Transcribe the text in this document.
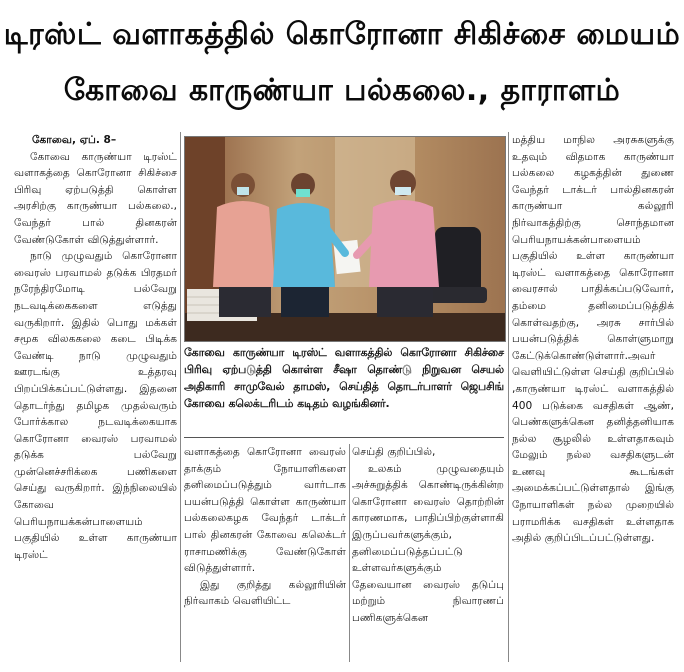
டிரஸ்ட் வளாகத்தில் கொரோனா சிகிச்சை மையம்
கோவை காருண்யா பல்கலை., தாராளம்

கோவை, ஏப். 8–

கோவை காருண்யா டிரஸ்ட் வளாகத்தை கொரோனா சிகிச்சை பிரிவு ஏற்படுத்தி கொள்ள அரசிற்கு காருண்யா பல்கலை., வேந்தர் பால் தினகரன் வேண்டுகோள் விடுத்துள்ளார்.

நாடு முழுவதும் கொரோனா வைரஸ் பரவாமல் தடுக்க பிரதமர் நரேந்திரமோடி பல்வேறு நடவடிக்கைகளை எடுத்து வருகிறார். இதில் பொது மக்கள் சமூக விலககலை கடை பிடிக்க வேண்டி நாடு முழுவதும் ஊரடங்கு உத்தரவு பிறப்பிக்கப்பட்டுள்ளது. இதனை தொடர்ந்து தமிழக முதல்வரும் போர்க்கால நடவடிக்கையாக கொரோனா வைரஸ் பரவாமல் தடுக்க பல்வேறு முன்னெச்சரிக்கை பணிகளை செய்து வருகிறார். இந்நிலையில் கோவை பெரியநாயக்கன்பாளையம் பகுதியில் உள்ள காருண்யா டிரஸ்ட்

கோவை காருண்யா டிரஸ்ட் வளாகத்தில் கொரோனா சிகிச்சை பிரிவு ஏற்படுத்தி கொள்ள சீஷா தொண்டு நிறுவன செயல் அதிகாரி சாமுவேல் தாமஸ், செய்தித் தொடர்பாளர் ஜெபசிங் கோவை கலெக்டரிடம் கடிதம் வழங்கினர்.

வளாகத்தை கொரோனா வைரஸ் தாக்கும் நோயாளிகளை தனிமைப்படுத்தும் வார்டாக பயன்படுத்தி கொள்ள காருண்யா பல்கலைகழக வேந்தர் டாக்டர் பால் தினகரன் கோவை கலெக்டர் ராசாமணிக்கு வேண்டுகோள் விடுத்துள்ளார்.

இது குறித்து கல்லூரியின் நிர்வாகம் வெளியிட்ட

செய்தி குறிப்பில்,

உலகம் முழுவதையும் அச்சுறுத்திக் கொண்டிருக்கின்ற கொரோனா வைரஸ் தொற்றின் காரணமாக, பாதிப்பிற்குள்ளாகி இருப்பவர்களுக்கும், தனிமைப்படுத்தப்பட்டு உள்ளவர்களுக்கும் தேவையான வைரஸ் தடுப்பு மற்றும் நிவாரணப் பணிகளுக்கென

மத்திய மாநில அரசுகளுக்கு உதவும் விதமாக காருண்யா பல்கலை கழகத்தின் துணை வேந்தர் டாக்டர் பால்தினகரன் காருண்யா கல்லூரி நிர்வாகத்திற்கு சொந்தமான பெரியநாயக்கன்பாளையம் பகுதியில் உள்ள காருண்யா டிரஸ்ட் வளாகத்தை கொரோனா வைரசால் பாதிக்கப்படுவோர், தம்மை தனிமைப்படுத்திக் கொள்வதற்கு, அரசு சார்பில் பயன்படுத்திக் கொள்ளுமாறு கேட்டுக்கொண்டுள்ளார்.அவர் வெளியிட்டுள்ள செய்தி குறிப்பில் ,காருண்யா டிரஸ்ட் வளாகத்தில் 400 படுக்கை வசதிகள் ஆண், பெண்களுக்கென தனித்தனியாக நல்ல சூழலில் உள்ளதாகவும் மேலும் நல்ல வசதிகளுடன் உணவு கூடங்கள் அமைக்கப்பட்டுள்ளதால் இங்கு நோயாளிகள் நல்ல முறையில் பராமரிக்க வசதிகள் உள்ளதாக அதில் குறிப்பிடப்பட்டுள்ளது.
